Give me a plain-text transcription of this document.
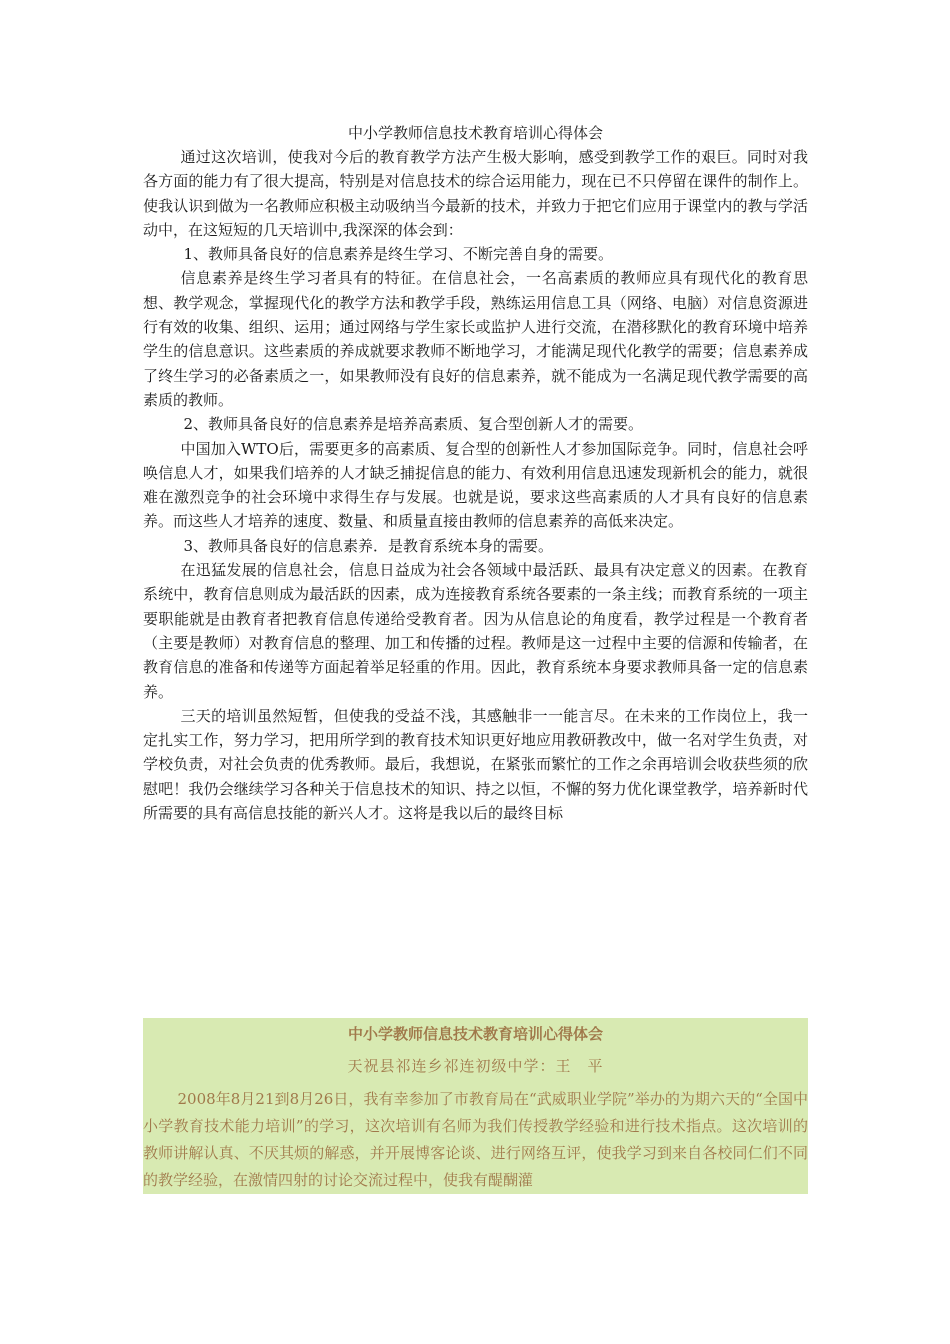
中小学教师信息技术教育培训心得体会

通过这次培训，使我对今后的教育教学方法产生极大影响，感受到教学工作的艰巨。同时对我各方面的能力有了很大提高，特别是对信息技术的综合运用能力，现在已不只停留在课件的制作上。使我认识到做为一名教师应积极主动吸纳当今最新的技术，并致力于把它们应用于课堂内的教与学活动中，在这短短的几天培训中,我深深的体会到：

1、教师具备良好的信息素养是终生学习、不断完善自身的需要。

信息素养是终生学习者具有的特征。在信息社会，一名高素质的教师应具有现代化的教育思想、教学观念，掌握现代化的教学方法和教学手段，熟练运用信息工具（网络、电脑）对信息资源进行有效的收集、组织、运用；通过网络与学生家长或监护人进行交流，在潜移默化的教育环境中培养学生的信息意识。这些素质的养成就要求教师不断地学习，才能满足现代化教学的需要；信息素养成了终生学习的必备素质之一，如果教师没有良好的信息素养，就不能成为一名满足现代教学需要的高素质的教师。

2、教师具备良好的信息素养是培养高素质、复合型创新人才的需要。

中国加入WTO后，需要更多的高素质、复合型的创新性人才参加国际竞争。同时，信息社会呼唤信息人才，如果我们培养的人才缺乏捕捉信息的能力、有效利用信息迅速发现新机会的能力，就很难在激烈竞争的社会环境中求得生存与发展。也就是说，要求这些高素质的人才具有良好的信息素养。而这些人才培养的速度、数量、和质量直接由教师的信息素养的高低来决定。

3、教师具备良好的信息素养．是教育系统本身的需要。

在迅猛发展的信息社会，信息日益成为社会各领域中最活跃、最具有决定意义的因素。在教育系统中，教育信息则成为最活跃的因素，成为连接教育系统各要素的一条主线；而教育系统的一项主要职能就是由教育者把教育信息传递给受教育者。因为从信息论的角度看，教学过程是一个教育者（主要是教师）对教育信息的整理、加工和传播的过程。教师是这一过程中主要的信源和传输者，在教育信息的准备和传递等方面起着举足轻重的作用。因此，教育系统本身要求教师具备一定的信息素养。

三天的培训虽然短暂，但使我的受益不浅，其感触非一一能言尽。在未来的工作岗位上，我一定扎实工作，努力学习，把用所学到的教育技术知识更好地应用教研教改中，做一名对学生负责，对学校负责，对社会负责的优秀教师。最后，我想说，在紧张而繁忙的工作之余再培训会收获些须的欣慰吧！我仍会继续学习各种关于信息技术的知识、持之以恒，不懈的努力优化课堂教学，培养新时代所需要的具有高信息技能的新兴人才。这将是我以后的最终目标

中小学教师信息技术教育培训心得体会

天祝县祁连乡祁连初级中学：王　平

2008年8月21到8月26日，我有幸参加了市教育局在“武威职业学院”举办的为期六天的“全国中小学教育技术能力培训”的学习，这次培训有名师为我们传授教学经验和进行技术指点。这次培训的教师讲解认真、不厌其烦的解惑，并开展博客论谈、进行网络互评，使我学习到来自各校同仁们不同的教学经验，在激情四射的讨论交流过程中，使我有醍醐灌
